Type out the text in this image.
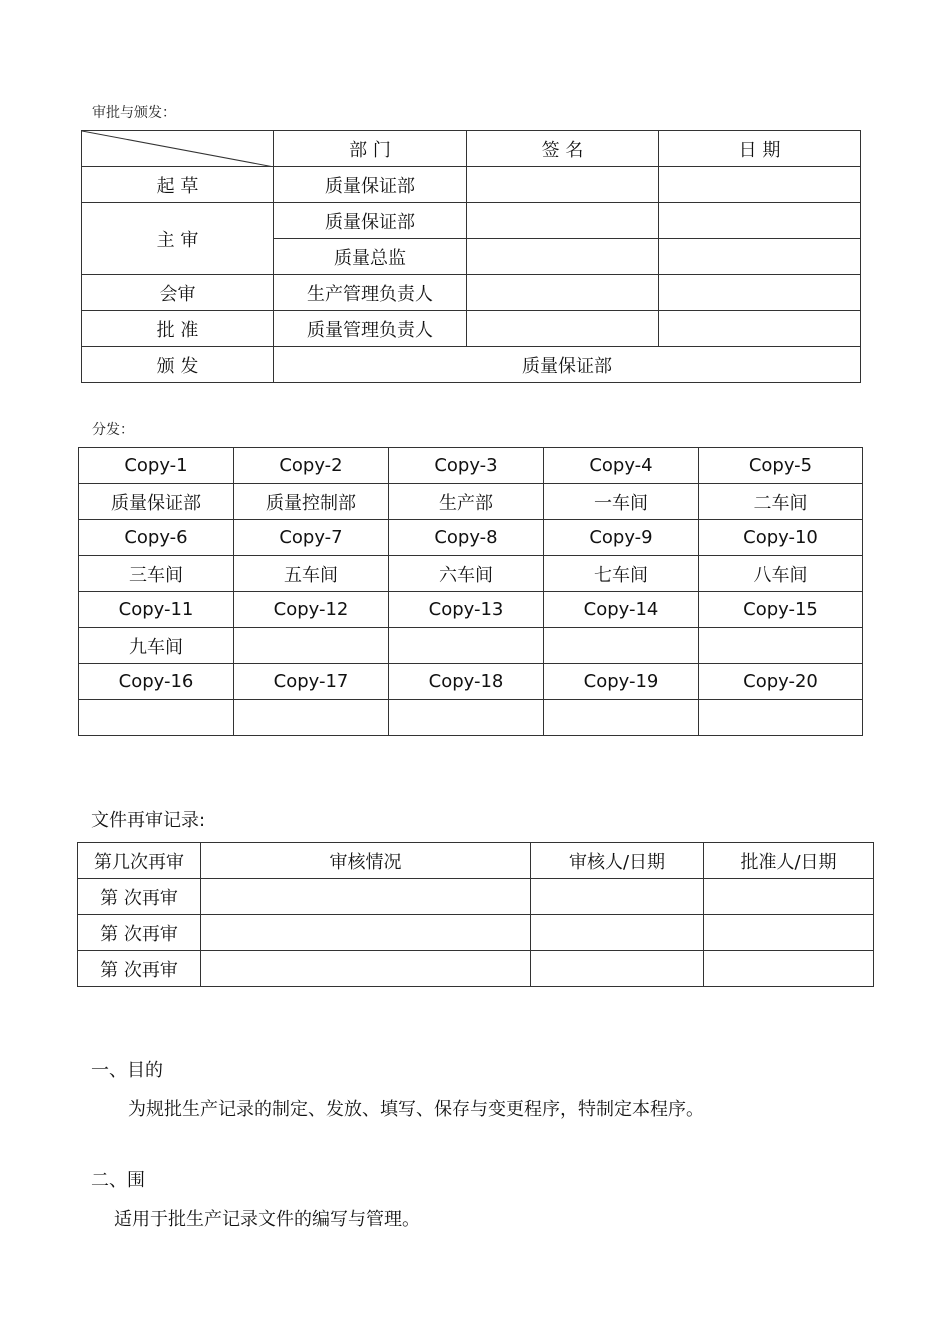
审批与颁发：
	部 门	签 名	日 期
起 草	质量保证部		
主 审	质量保证部		
	质量总监		
会审	生产管理负责人		
批 准	质量管理负责人		
颁 发	质量保证部		
分发：
Copy-1	Copy-2	Copy-3	Copy-4	Copy-5
质量保证部	质量控制部	生产部	一车间	二车间
Copy-6	Copy-7	Copy-8	Copy-9	Copy-10
三车间	五车间	六车间	七车间	八车间
Copy-11	Copy-12	Copy-13	Copy-14	Copy-15
九车间				
Copy-16	Copy-17	Copy-18	Copy-19	Copy-20

文件再审记录:
第几次再审	审核情况	审核人/日期	批准人/日期
第 次再审			
第 次再审			
第 次再审			
一、目的
为规批生产记录的制定、发放、填写、保存与变更程序，特制定本程序。
二、围
适用于批生产记录文件的编写与管理。
